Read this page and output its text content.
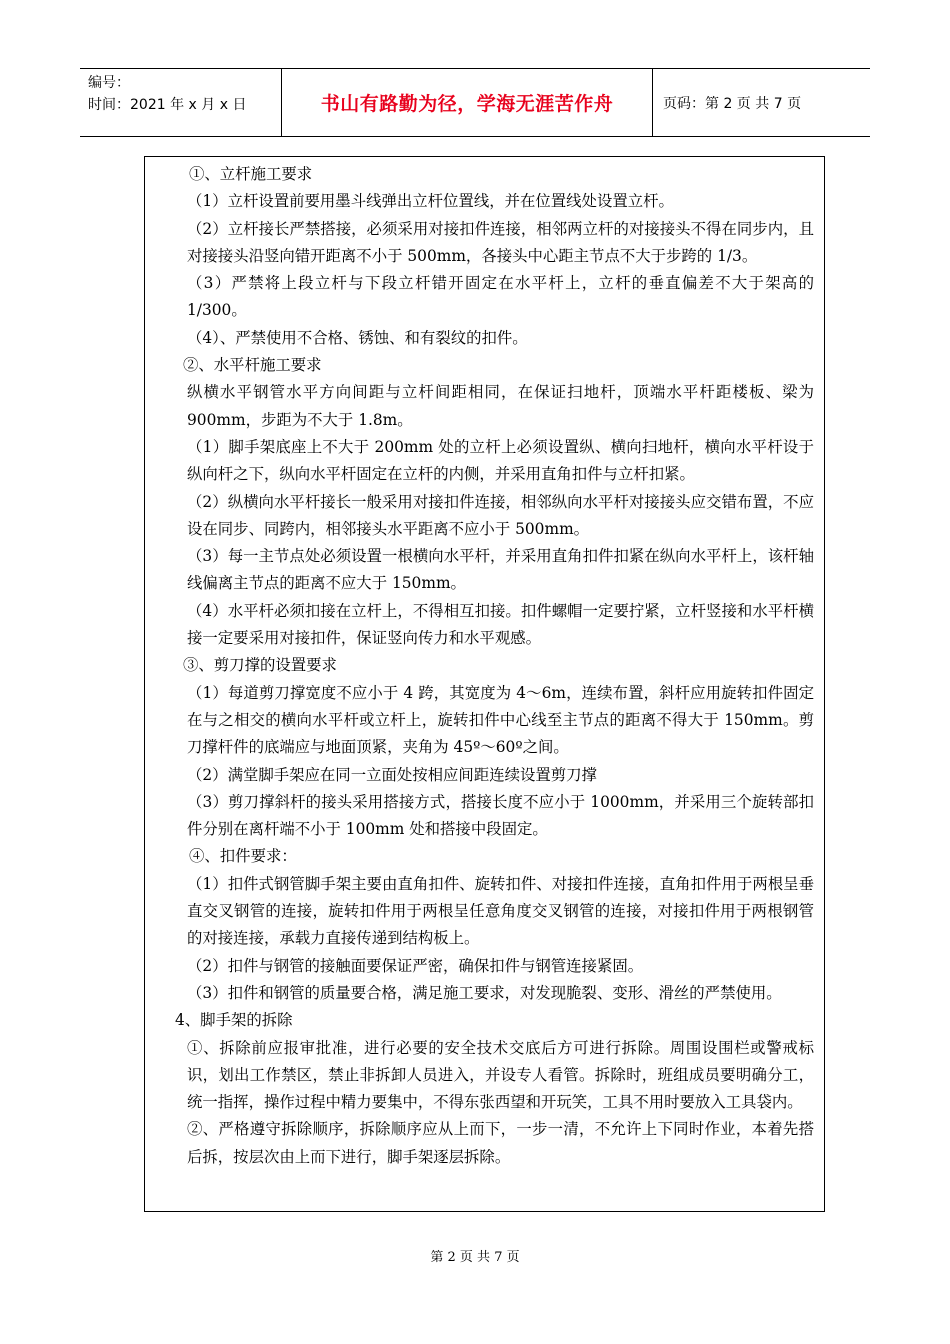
编号：
时间：2021 年 x 月 x 日	书山有路勤为径，学海无涯苦作舟	页码：第 2 页 共 7 页

①、立杆施工要求

（1）立杆设置前要用墨斗线弹出立杆位置线，并在位置线处设置立杆。

（2）立杆接长严禁搭接，必须采用对接扣件连接，相邻两立杆的对接接头不得在同步内，且对接接头沿竖向错开距离不小于 500mm，各接头中心距主节点不大于步跨的 1/3。

（3）严禁将上段立杆与下段立杆错开固定在水平杆上，立杆的垂直偏差不大于架高的 1/300。

（4）、严禁使用不合格、锈蚀、和有裂纹的扣件。

②、水平杆施工要求

纵横水平钢管水平方向间距与立杆间距相同，在保证扫地杆，顶端水平杆距楼板、梁为 900mm，步距为不大于 1.8m。

（1）脚手架底座上不大于 200mm 处的立杆上必须设置纵、横向扫地杆，横向水平杆设于纵向杆之下，纵向水平杆固定在立杆的内侧，并采用直角扣件与立杆扣紧。

（2）纵横向水平杆接长一般采用对接扣件连接，相邻纵向水平杆对接接头应交错布置，不应设在同步、同跨内，相邻接头水平距离不应小于 500mm。

（3）每一主节点处必须设置一根横向水平杆，并采用直角扣件扣紧在纵向水平杆上，该杆轴线偏离主节点的距离不应大于 150mm。

（4）水平杆必须扣接在立杆上，不得相互扣接。扣件螺帽一定要拧紧，立杆竖接和水平杆横接一定要采用对接扣件，保证竖向传力和水平观感。

③、剪刀撑的设置要求

（1）每道剪刀撑宽度不应小于 4 跨，其宽度为 4～6m，连续布置，斜杆应用旋转扣件固定在与之相交的横向水平杆或立杆上，旋转扣件中心线至主节点的距离不得大于 150mm。剪刀撑杆件的底端应与地面顶紧，夹角为 45º～60º之间。

（2）满堂脚手架应在同一立面处按相应间距连续设置剪刀撑

（3）剪刀撑斜杆的接头采用搭接方式，搭接长度不应小于 1000mm，并采用三个旋转部扣件分别在离杆端不小于 100mm 处和搭接中段固定。

④、扣件要求：

（1）扣件式钢管脚手架主要由直角扣件、旋转扣件、对接扣件连接，直角扣件用于两根呈垂直交叉钢管的连接，旋转扣件用于两根呈任意角度交叉钢管的连接，对接扣件用于两根钢管的对接连接，承载力直接传递到结构板上。

（2）扣件与钢管的接触面要保证严密，确保扣件与钢管连接紧固。

（3）扣件和钢管的质量要合格，满足施工要求，对发现脆裂、变形、滑丝的严禁使用。

4、脚手架的拆除

①、拆除前应报审批准，进行必要的安全技术交底后方可进行拆除。周围设围栏或警戒标识，划出工作禁区，禁止非拆卸人员进入，并设专人看管。拆除时，班组成员要明确分工，统一指挥，操作过程中精力要集中，不得东张西望和开玩笑，工具不用时要放入工具袋内。

②、严格遵守拆除顺序，拆除顺序应从上而下，一步一清，不允许上下同时作业，本着先搭后拆，按层次由上而下进行，脚手架逐层拆除。

第 2 页 共 7 页
